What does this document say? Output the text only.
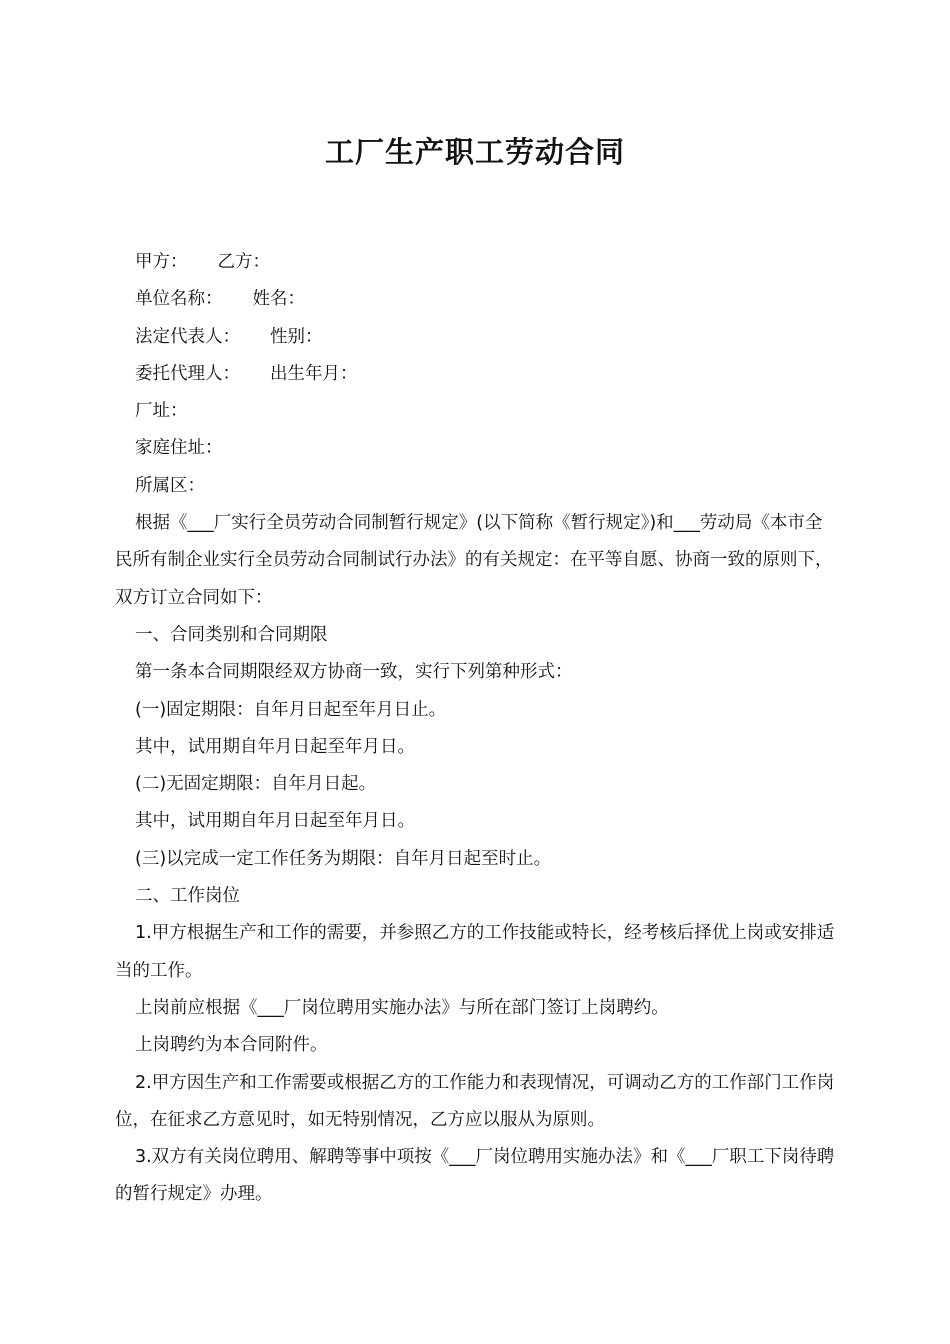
工厂生产职工劳动合同

甲方： 乙方：

单位名称： 姓名：

法定代表人： 性别：

委托代理人： 出生年月：

厂址：

家庭住址：

所属区：

根据《___厂实行全员劳动合同制暂行规定》(以下简称《暂行规定》)和___劳动局《本市全民所有制企业实行全员劳动合同制试行办法》的有关规定：在平等自愿、协商一致的原则下，双方订立合同如下：

一、合同类别和合同期限

第一条本合同期限经双方协商一致，实行下列第种形式：

(一)固定期限：自年月日起至年月日止。

其中，试用期自年月日起至年月日。

(二)无固定期限：自年月日起。

其中，试用期自年月日起至年月日。

(三)以完成一定工作任务为期限：自年月日起至时止。

二、工作岗位

1.甲方根据生产和工作的需要，并参照乙方的工作技能或特长，经考核后择优上岗或安排适当的工作。

上岗前应根据《___厂岗位聘用实施办法》与所在部门签订上岗聘约。

上岗聘约为本合同附件。

2.甲方因生产和工作需要或根据乙方的工作能力和表现情况，可调动乙方的工作部门工作岗位，在征求乙方意见时，如无特别情况，乙方应以服从为原则。

3.双方有关岗位聘用、解聘等事中项按《___厂岗位聘用实施办法》和《___厂职工下岗待聘的暂行规定》办理。
